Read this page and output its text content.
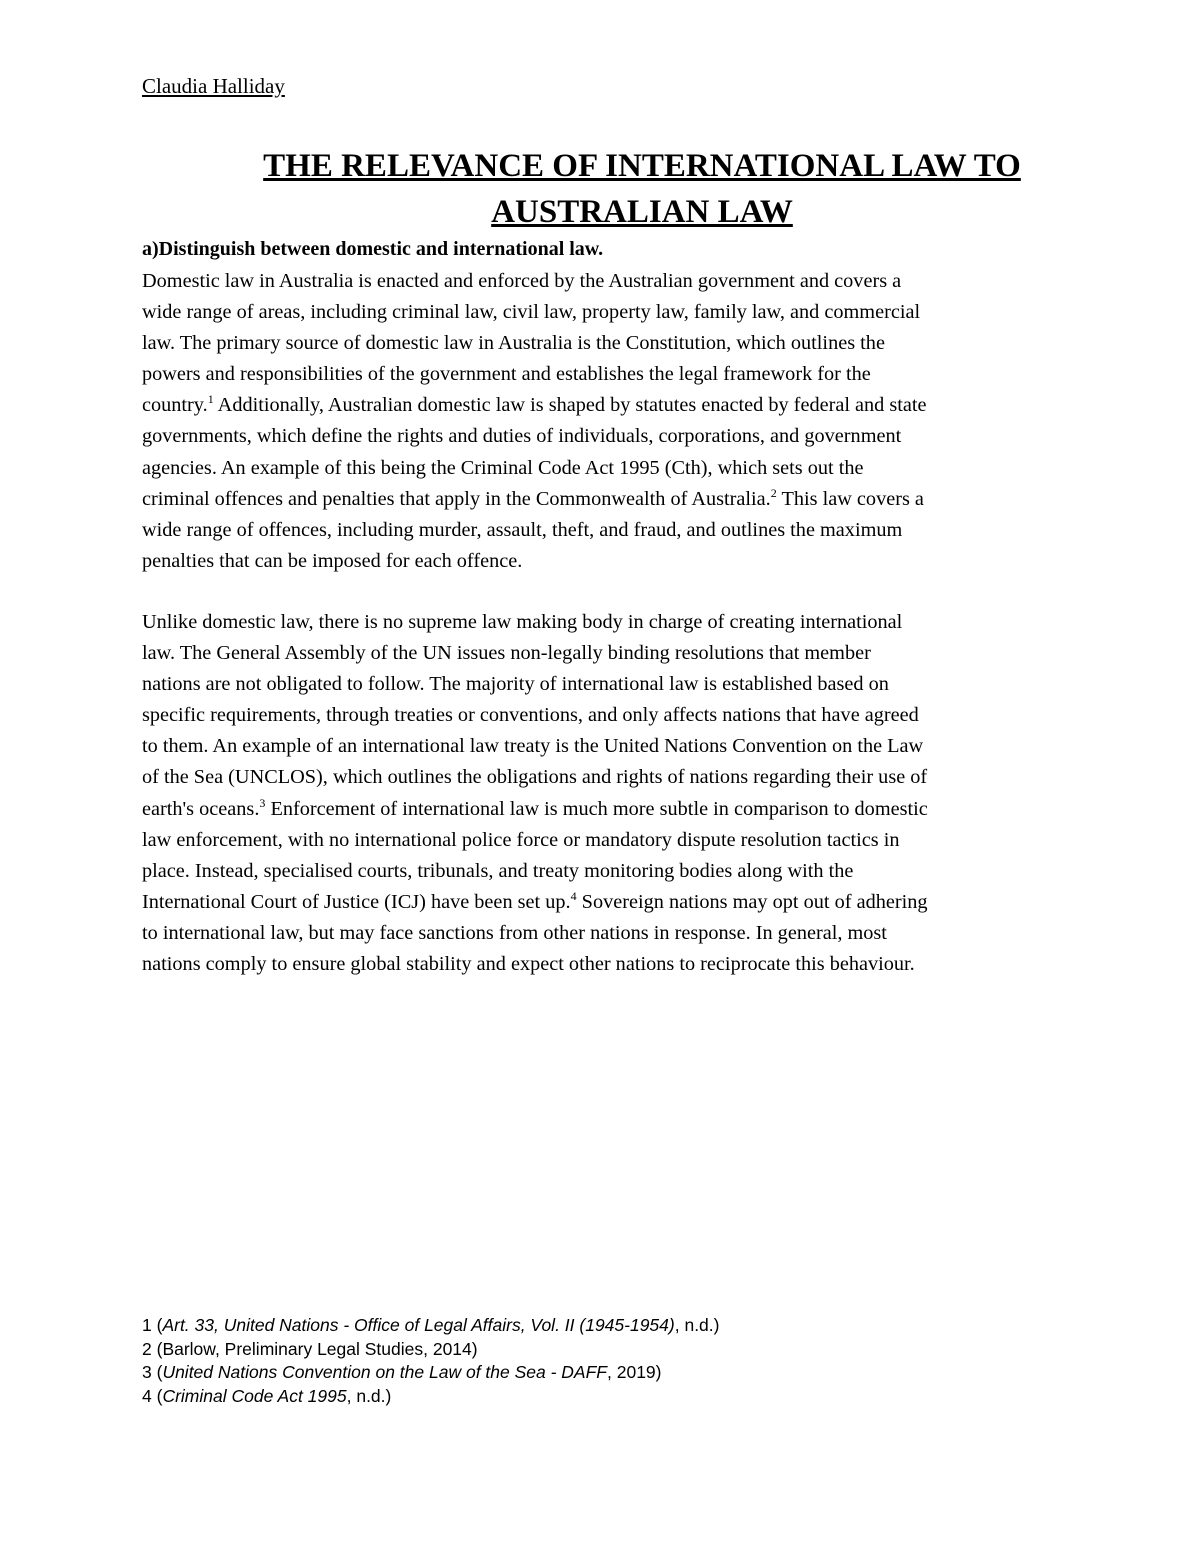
Claudia Halliday
THE RELEVANCE OF INTERNATIONAL LAW TO
AUSTRALIAN LAW
a)Distinguish between domestic and international law.

Domestic law in Australia is enacted and enforced by the Australian government and covers a
wide range of areas, including criminal law, civil law, property law, family law, and commercial
law. The primary source of domestic law in Australia is the Constitution, which outlines the
powers and responsibilities of the government and establishes the legal framework for the
country.$^1$ Additionally, Australian domestic law is shaped by statutes enacted by federal and state
governments, which define the rights and duties of individuals, corporations, and government
agencies. An example of this being the Criminal Code Act 1995 (Cth), which sets out the
criminal offences and penalties that apply in the Commonwealth of Australia.$^2$ This law covers a
wide range of offences, including murder, assault, theft, and fraud, and outlines the maximum
penalties that can be imposed for each offence.

Unlike domestic law, there is no supreme law making body in charge of creating international
law. The General Assembly of the UN issues non-legally binding resolutions that member
nations are not obligated to follow. The majority of international law is established based on
specific requirements, through treaties or conventions, and only affects nations that have agreed
to them. An example of an international law treaty is the United Nations Convention on the Law
of the Sea (UNCLOS), which outlines the obligations and rights of nations regarding their use of
earth's oceans.$^3$ Enforcement of international law is much more subtle in comparison to domestic
law enforcement, with no international police force or mandatory dispute resolution tactics in
place. Instead, specialised courts, tribunals, and treaty monitoring bodies along with the
International Court of Justice (ICJ) have been set up.$^4$ Sovereign nations may opt out of adhering
to international law, but may face sanctions from other nations in response. In general, most
nations comply to ensure global stability and expect other nations to reciprocate this behaviour.

1 (Art. 33, United Nations - Office of Legal Affairs, Vol. II (1945-1954), n.d.)
2 (Barlow, Preliminary Legal Studies, 2014)
3 (United Nations Convention on the Law of the Sea - DAFF, 2019)
4 (Criminal Code Act 1995, n.d.)
